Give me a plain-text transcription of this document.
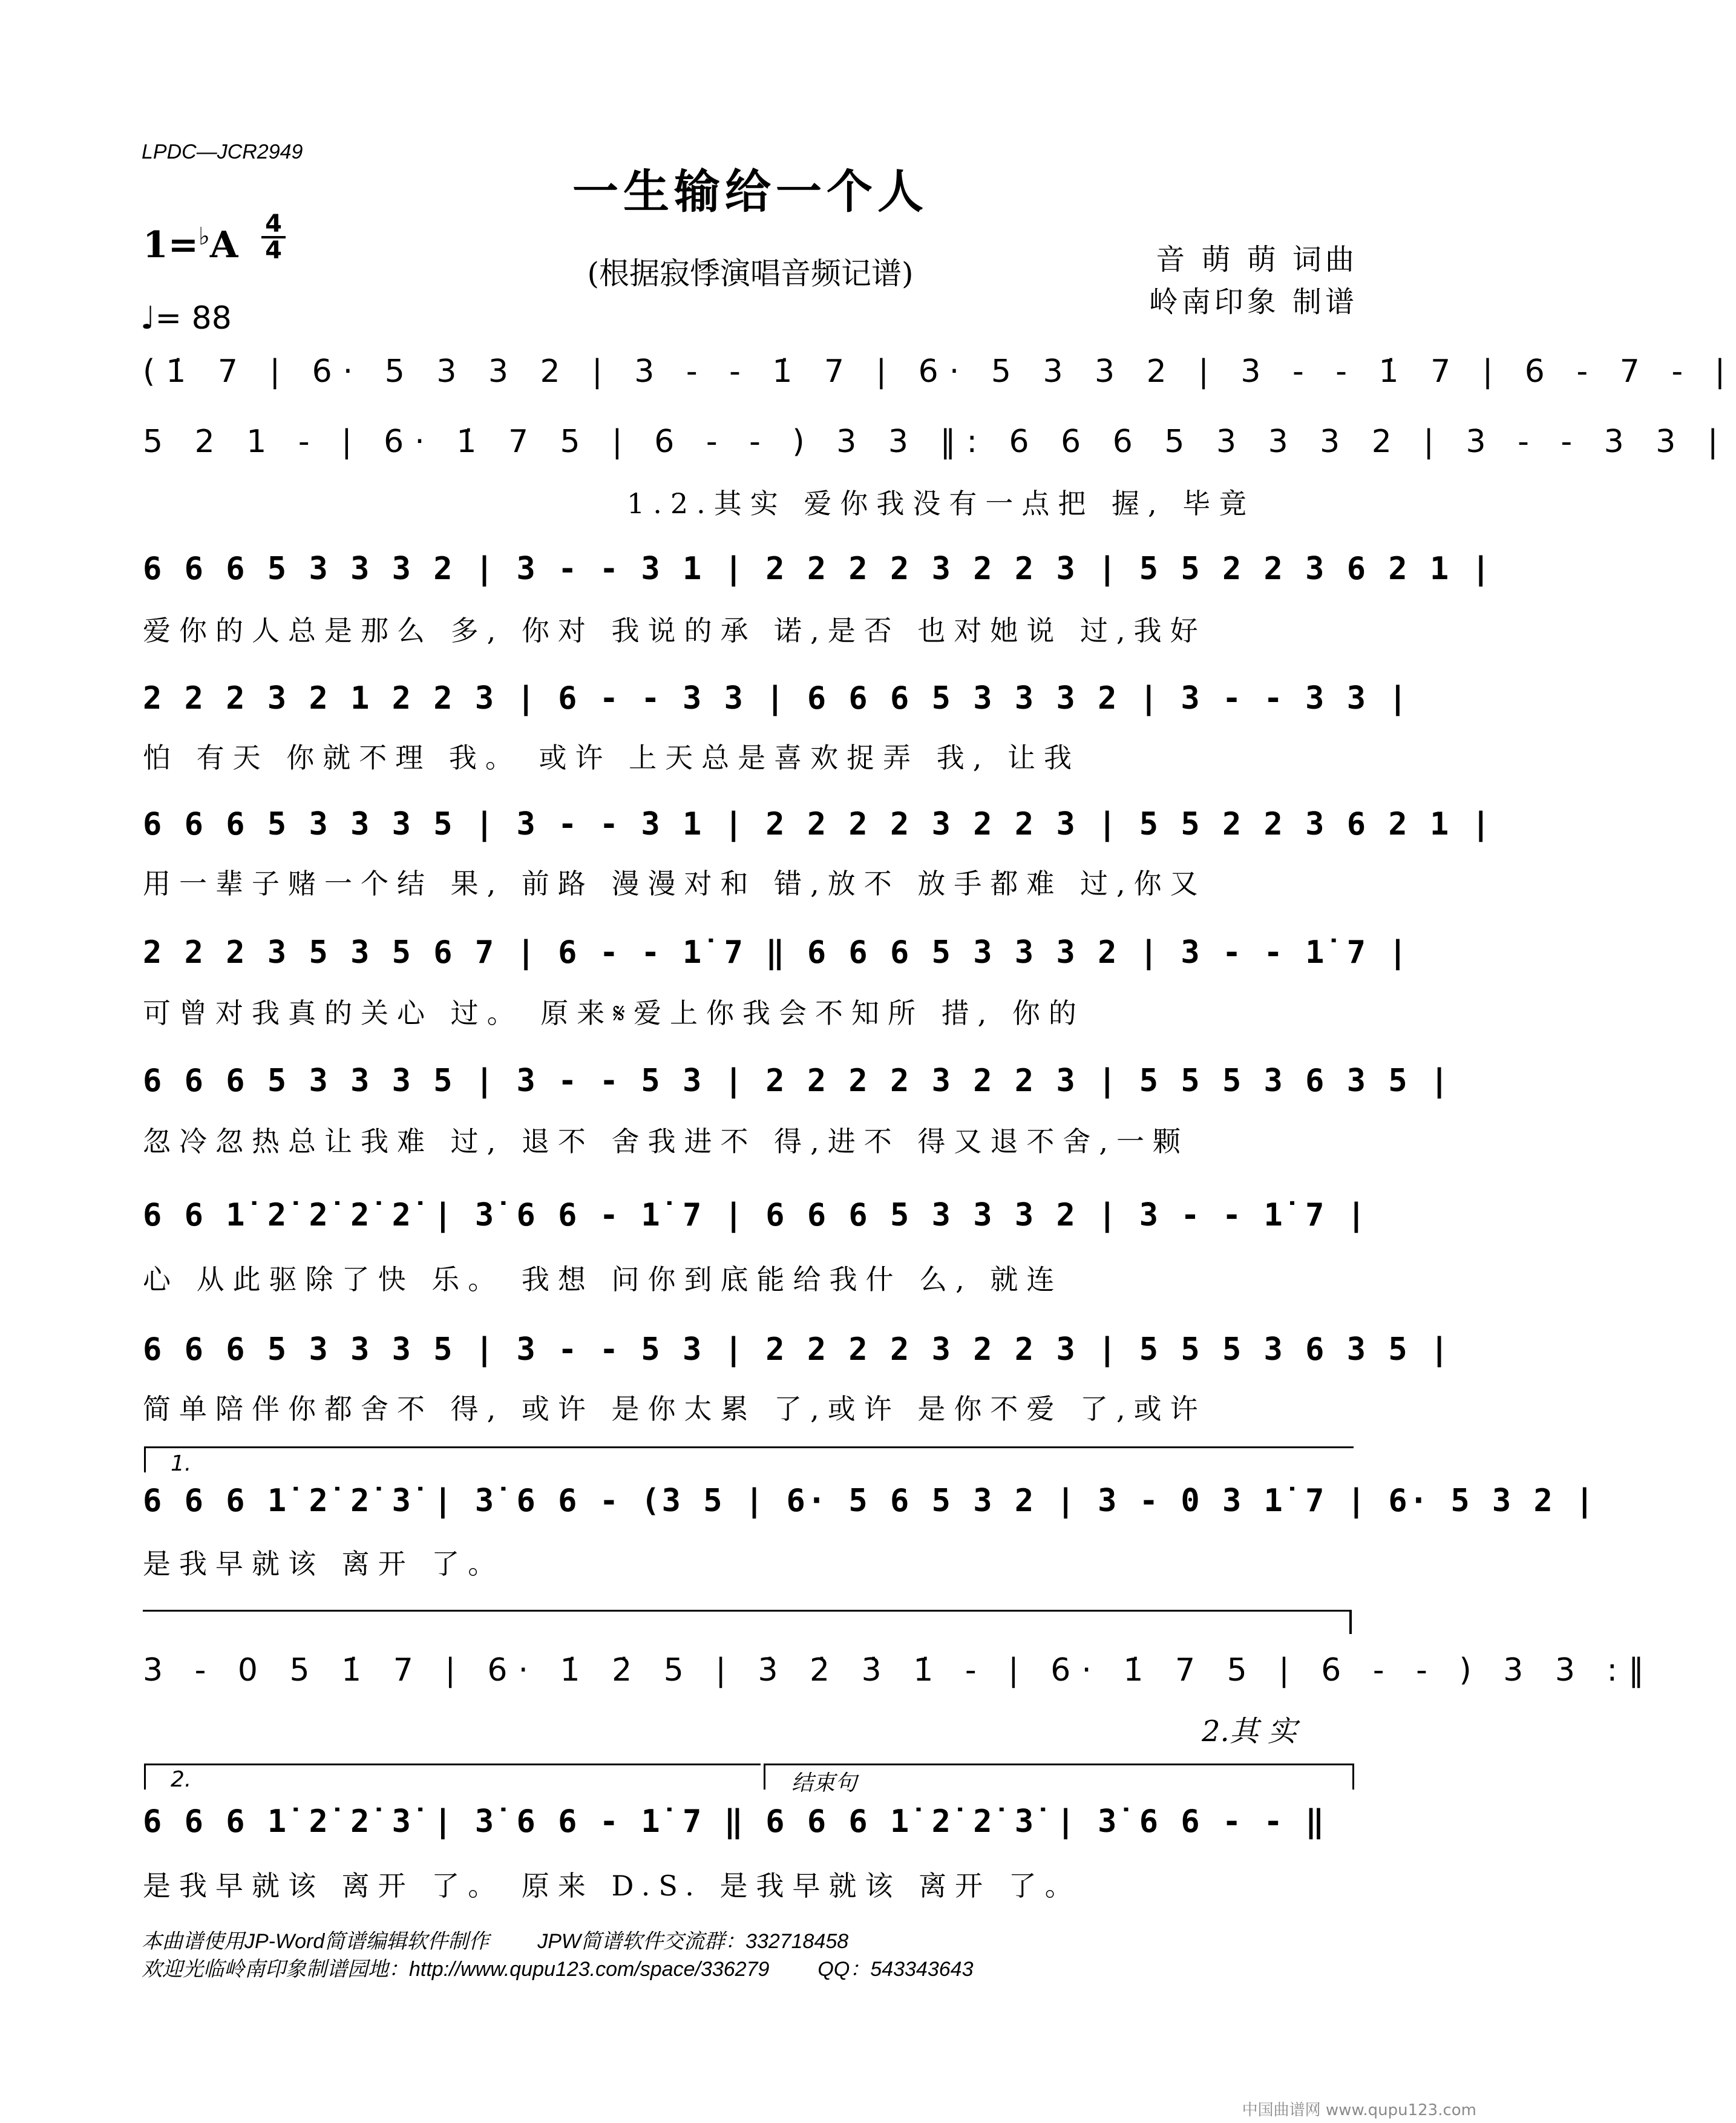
LPDC—JCR2949
一生输给一个人
(根据寂悸演唱音频记谱)	音 萌 萌 词曲
岭南印象 制谱
1=♭A 4
4
♩= 88
(1̇ 7 | 6· 5 3 3 2 | 3 - - 1̇ 7 | 6· 5 3 3 2 | 3 - - 1̇ 7 | 6 - 7 - |
5 2 1 - | 6· 1̇ 7 5 | 6 - - ) 3 3 ‖: 6 6 6 5 3 3 3 2 | 3 - - 3 3 |
1.2.其实 爱你我没有一点把 握, 毕竟
6 6 6 5 3 3 3 2 | 3 - - 3 1 | 2 2 2 2 3 2 2 3 | 5 5 2 2 3 6 2 1 |
爱你的人总是那么 多, 你对 我说的承 诺,是否 也对她说 过,我好
2 2 2 3 2 1 2 2 3 | 6 - - 3 3 | 6 6 6 5 3 3 3 2 | 3 - - 3 3 |
怕 有天 你就不理 我。 或许 上天总是喜欢捉弄 我, 让我
6 6 6 5 3 3 3 5 | 3 - - 3 1 | 2 2 2 2 3 2 2 3 | 5 5 2 2 3 6 2 1 |
用一辈子赌一个结 果, 前路 漫漫对和 错,放不 放手都难 过,你又
2 2 2 3 5 3 5 6 7 | 6 - - 1̇ 7 ‖ 6 6 6 5 3 3 3 2 | 3 - - 1̇ 7 |
可曾对我真的关心 过。 原来𝄋爱上你我会不知所 措, 你的
6 6 6 5 3 3 3 5 | 3 - - 5 3 | 2 2 2 2 3 2 2 3 | 5 5 5 3 6 3 5 |
忽冷忽热总让我难 过, 退不 舍我进不 得,进不 得又退不舍,一颗
6 6 1̇ 2̇ 2̇ 2̇ 2̇ | 3̇ 6 6 - 1̇ 7 | 6 6 6 5 3 3 3 2 | 3 - - 1̇ 7 |
心 从此驱除了快 乐。 我想 问你到底能给我什 么, 就连
6 6 6 5 3 3 3 5 | 3 - - 5 3 | 2 2 2 2 3 2 2 3 | 5 5 5 3 6 3 5 |
简单陪伴你都舍不 得, 或许 是你太累 了,或许 是你不爱 了,或许
1.
6 6 6 1̇ 2̇ 2̇ 3̇ | 3̇ 6 6 - (3 5 | 6· 5 6 5 3 2 | 3 - 0 3 1̇ 7 | 6· 5 3 2 |
是我早就该 离开 了。
3 - 0 5 1̇ 7 | 6· 1̇ 2̇ 5 | 3̇ 2̇ 3̇ 1̇ - | 6· 1̇ 7 5 | 6 - - ) 3 3 :‖
2.其 实
2.	结束句
6 6 6 1̇ 2̇ 2̇ 3̇ | 3̇ 6 6 - 1̇ 7 ‖ 6 6 6 1̇ 2̇ 2̇ 3̇ | 3̇ 6 6 - - ‖
是我早就该 离开 了。 原来 D.S. 是我早就该 离开 了。
本曲谱使用JP-Word简谱编辑软件制作 JPW简谱软件交流群：332718458
欢迎光临岭南印象制谱园地：http://www.qupu123.com/space/336279 QQ：543343643
中国曲谱网 www.qupu123.com
